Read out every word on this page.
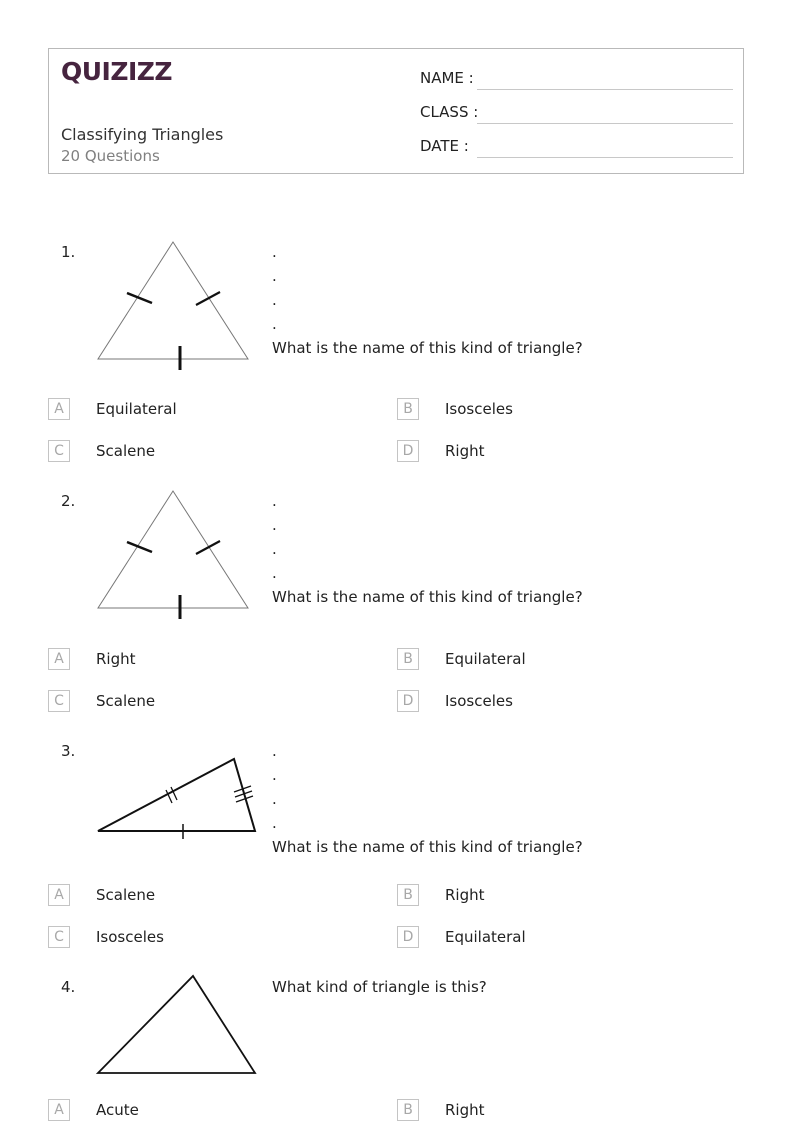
QUIZIZZ
Classifying Triangles
20 Questions
NAME :
CLASS :
DATE :
1.	.
.
.
.
What is the name of this kind of triangle?
A	Equilateral	B	Isosceles
C	Scalene	D	Right
2.	.
.
.
.
What is the name of this kind of triangle?
A	Right	B	Equilateral
C	Scalene	D	Isosceles
3.	.
.
.
.
What is the name of this kind of triangle?
A	Scalene	B	Right
C	Isosceles	D	Equilateral
4.	What kind of triangle is this?
A	Acute	B	Right
